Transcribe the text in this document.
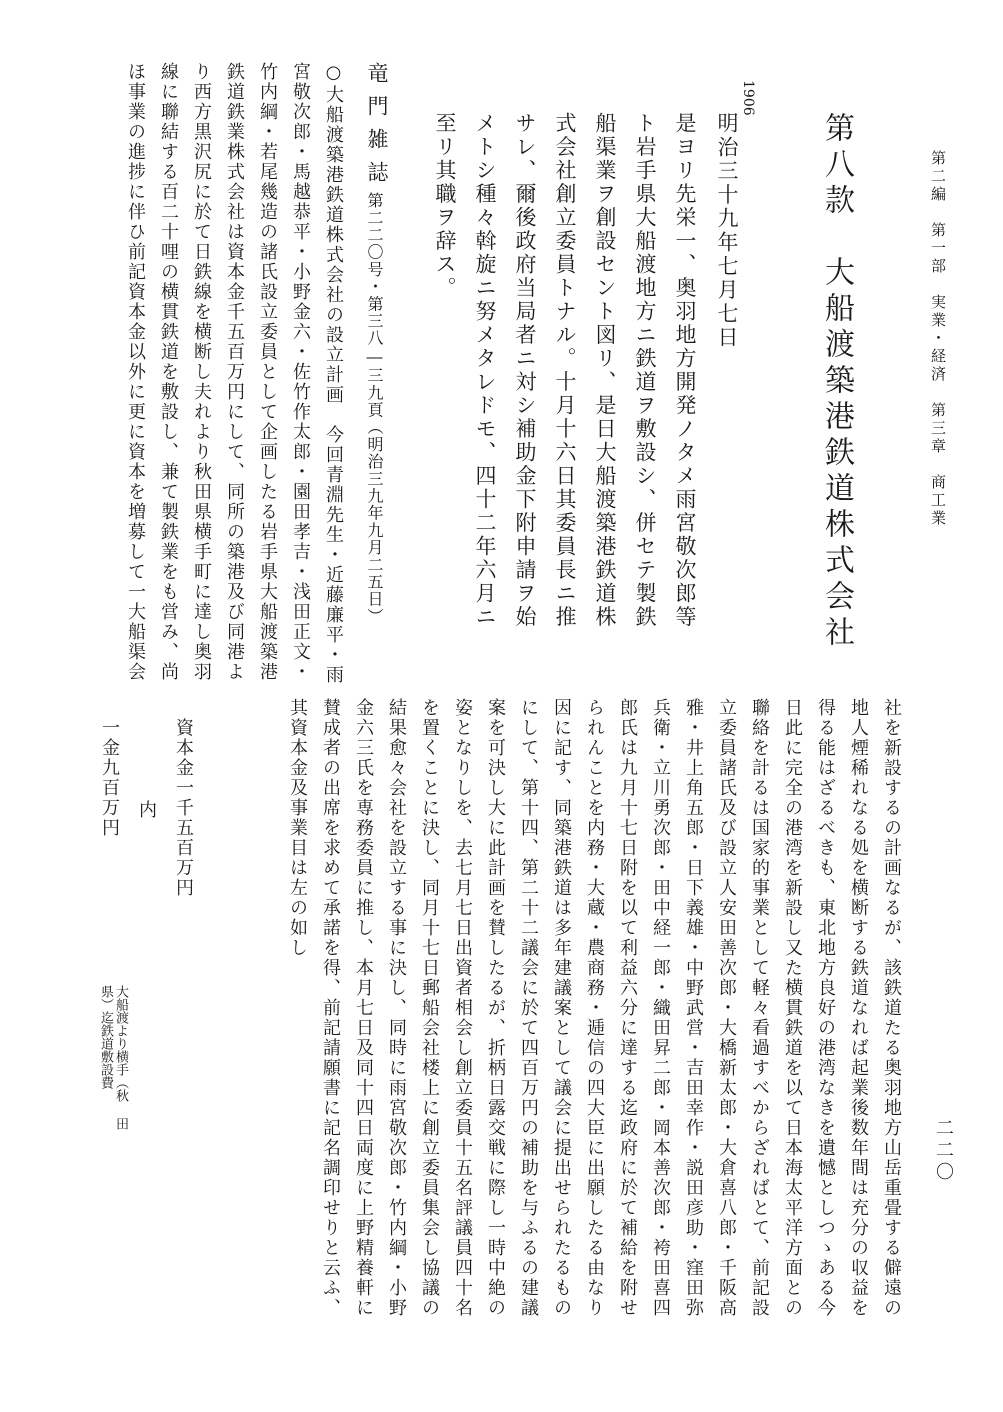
第二編　第一部　実業・経済　第三章　商工業
二二〇
第八款　大船渡築港鉄道株式会社
1906
明治三十九年七月七日
是ヨリ先栄一、奥羽地方開発ノタメ雨宮敬次郎等
ト岩手県大船渡地方ニ鉄道ヲ敷設シ、併セテ製鉄
船渠業ヲ創設セント図リ、是日大船渡築港鉄道株
式会社創立委員トナル。十月十六日其委員長ニ推
サレ、爾後政府当局者ニ対シ補助金下附申請ヲ始
メトシ種々斡旋ニ努メタレドモ、四十二年六月ニ
至リ其職ヲ辞ス。
竜門雑誌
第二二〇号・第三八―三九頁（明治三九年九月二五日）
○大船渡築港鉄道株式会社の設立計画　今回青淵先生・近藤廉平・雨
宮敬次郎・馬越恭平・小野金六・佐竹作太郎・園田孝吉・浅田正文・
竹内綱・若尾幾造の諸氏設立委員として企画したる岩手県大船渡築港
鉄道鉄業株式会社は資本金千五百万円にして、同所の築港及び同港よ
り西方黒沢尻に於て日鉄線を横断し夫れより秋田県横手町に達し奥羽
線に聯結する百二十哩の横貫鉄道を敷設し、兼て製鉄業をも営み、尚
ほ事業の進捗に伴ひ前記資本金以外に更に資本を増募して一大船渠会
社を新設するの計画なるが、該鉄道たる奥羽地方山岳重畳する僻遠の
地人煙稀れなる処を横断する鉄道なれば起業後数年間は充分の収益を
得る能はざるべきも、東北地方良好の港湾なきを遺憾としつゝある今
日此に完全の港湾を新設し又た横貫鉄道を以て日本海太平洋方面との
聯絡を計るは国家的事業として軽々看過すべからざればとて、前記設
立委員諸氏及び設立人安田善次郎・大橋新太郎・大倉喜八郎・千阪高
雅・井上角五郎・日下義雄・中野武営・吉田幸作・説田彦助・窪田弥
兵衛・立川勇次郎・田中経一郎・織田昇二郎・岡本善次郎・袴田喜四
郎氏は九月十七日附を以て利益六分に達する迄政府に於て補給を附せ
られんことを内務・大蔵・農商務・逓信の四大臣に出願したる由なり
因に記す、同築港鉄道は多年建議案として議会に提出せられたるもの
にして、第十四、第二十二議会に於て四百万円の補助を与ふるの建議
案を可決し大に此計画を賛したるが、折柄日露交戦に際し一時中絶の
姿となりしを、去七月七日出資者相会し創立委員十五名評議員四十名
を置くことに決し、同月十七日郵船会社楼上に創立委員集会し協議の
結果愈々会社を設立する事に決し、同時に雨宮敬次郎・竹内綱・小野
金六三氏を専務委員に推し、本月七日及同十四日両度に上野精養軒に
賛成者の出席を求めて承諾を得、前記請願書に記名調印せりと云ふ、
其資本金及事業目は左の如し
資本金一千五百万円
内
一金九百万円
大船渡より横手（秋 田県）迄鉄道敷設費
